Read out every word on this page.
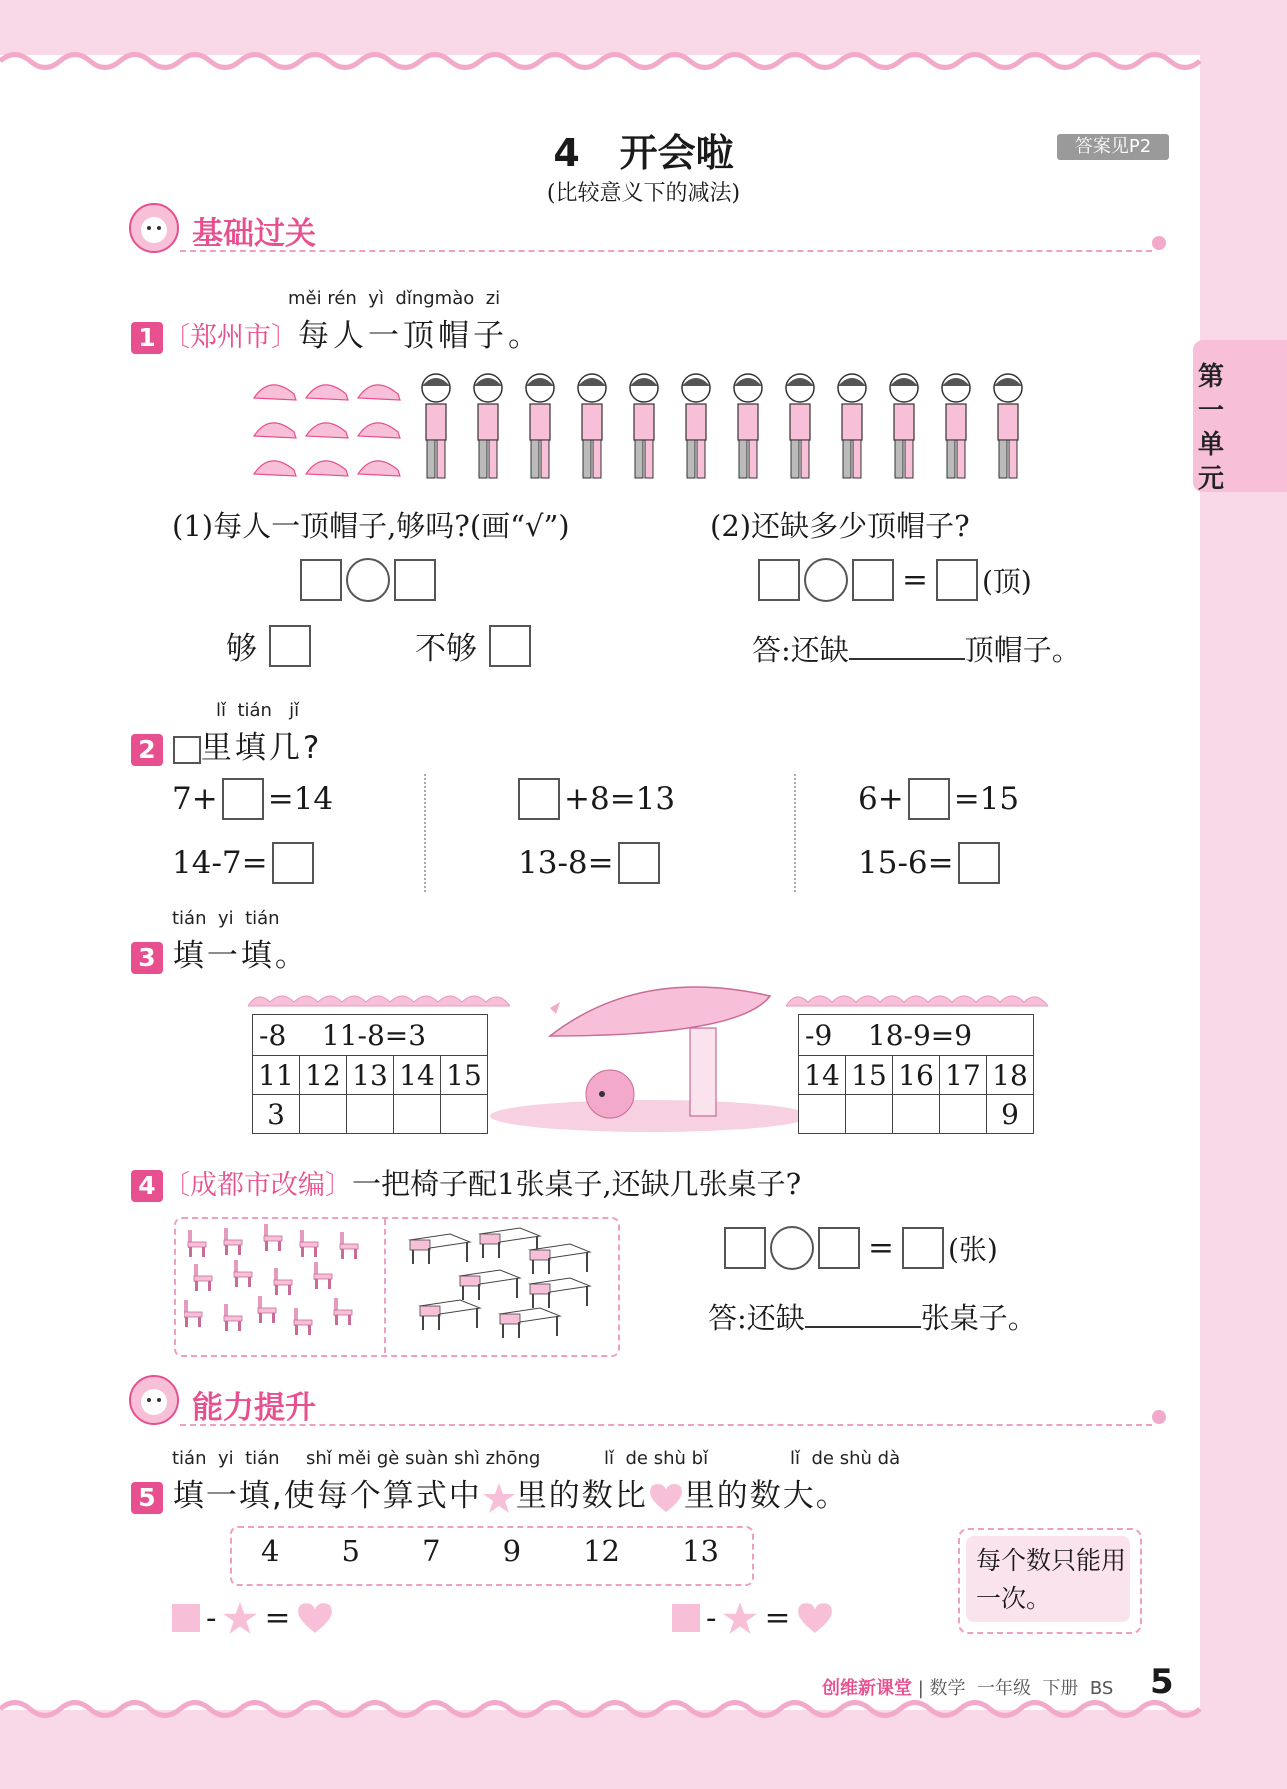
第一单元
4 开会啦
(比较意义下的减法)
答案见P2
基础过关
měi rén yì dǐngmào zi
1 〔郑州市〕每人一顶帽子。
(1)每人一顶帽子,够吗?(画“√”)	(2)还缺多少顶帽子?
= (顶)
够	不够	答:还缺	顶帽子。
lǐ tián jǐ
2 里填几?
7+ =14
14-7=
+8=13
13-8=
6+ =15
15-6=
tián yi tián
3 填一填。
-8 11-8=3				
11	12	13	14	15
3				
-9 18-9=9				
14	15	16	17	18
				9
4 〔成都市改编〕一把椅子配1张桌子,还缺几张桌子?
= (张)
答:还缺	张桌子。
能力提升
tián yi tián shǐ měi gè suàn shì zhōng	lǐ de shù bǐ	lǐ de shù dà
5 填一填,使每个算式中 里的数比 里的数大。
4 5 7 9 12 13	每个数只能用一次。
- =	- =
创维新课堂 | 数学 一年级 下册 BS 5
